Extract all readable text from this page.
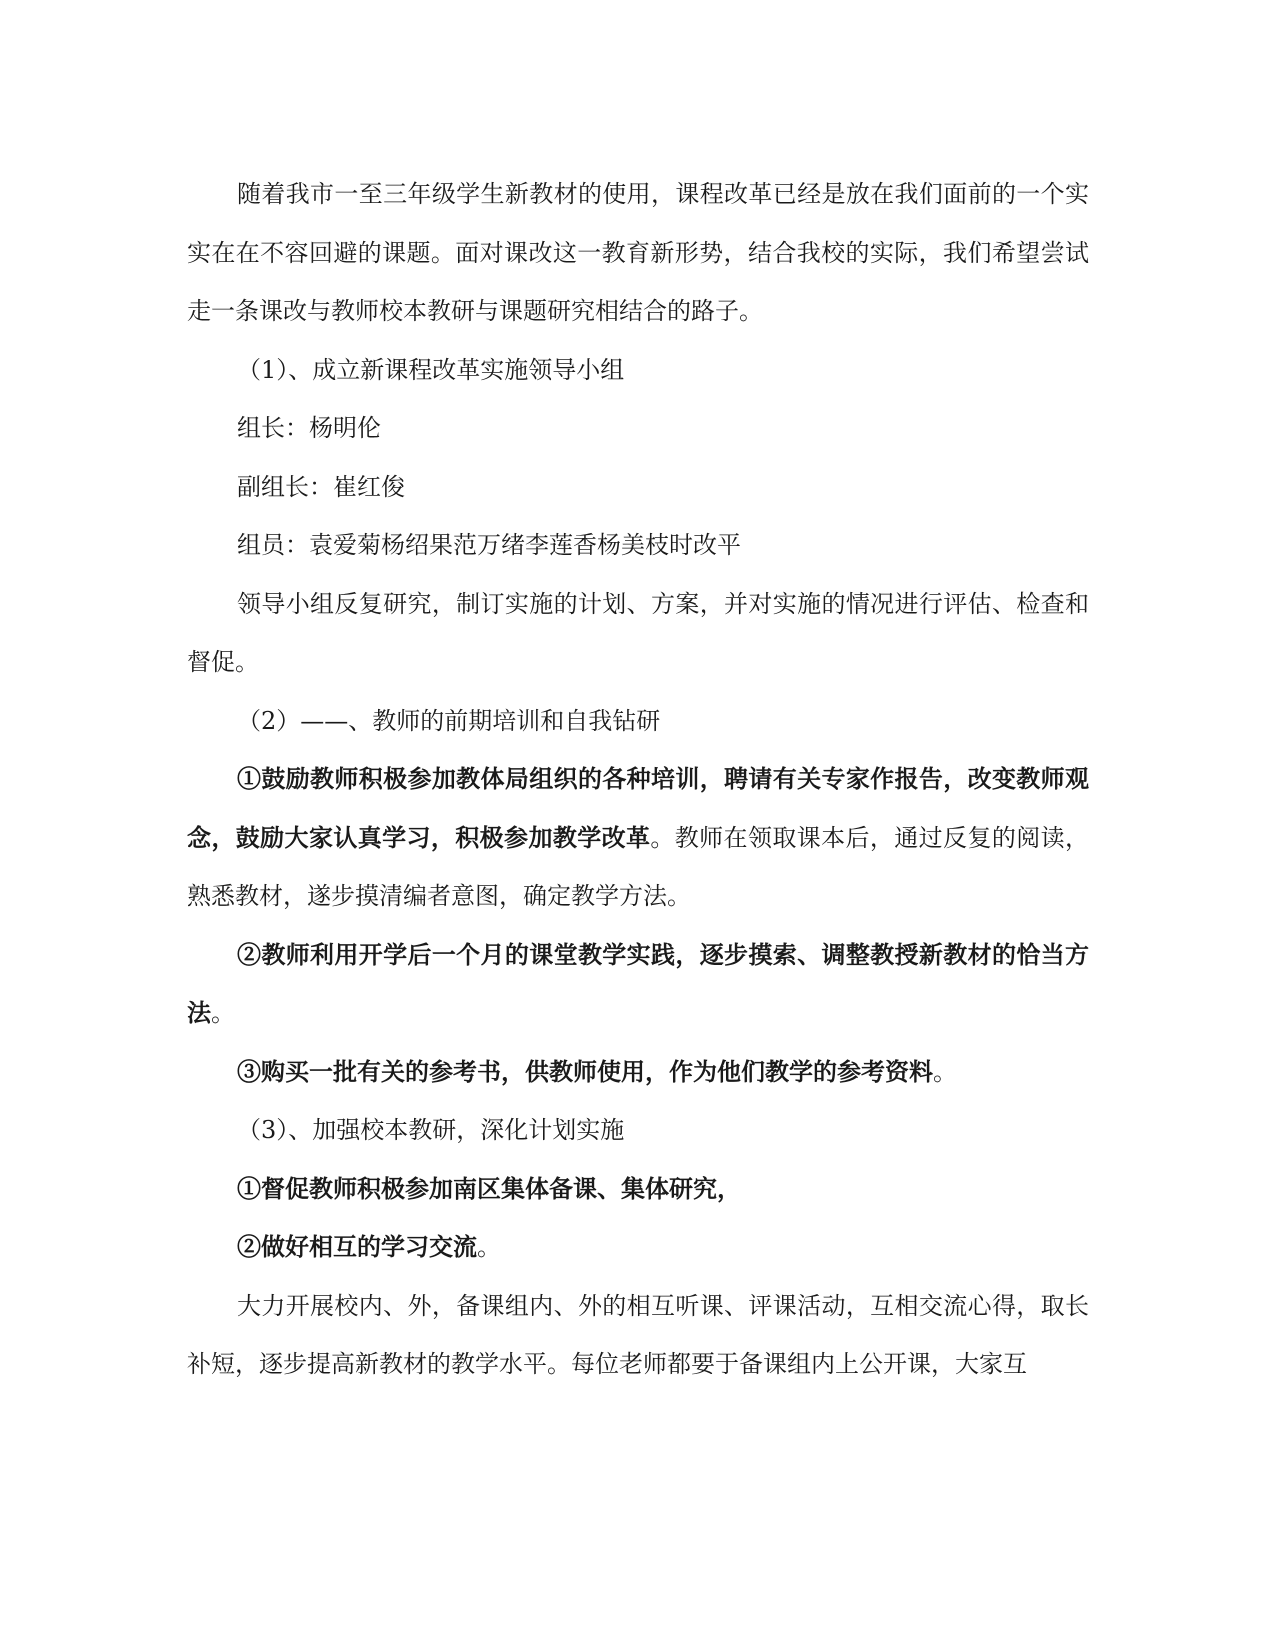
随着我市一至三年级学生新教材的使用，课程改革已经是放在我们面前的一个实实在在不容回避的课题。面对课改这一教育新形势，结合我校的实际，我们希望尝试走一条课改与教师校本教研与课题研究相结合的路子。

（1）、成立新课程改革实施领导小组

组长：杨明伦

副组长：崔红俊

组员：袁爱菊杨绍果范万绪李莲香杨美枝时改平

领导小组反复研究，制订实施的计划、方案，并对实施的情况进行评估、检查和督促。

（2）——、教师的前期培训和自我钻研

①鼓励教师积极参加教体局组织的各种培训，聘请有关专家作报告，改变教师观念，鼓励大家认真学习，积极参加教学改革。教师在领取课本后，通过反复的阅读，熟悉教材，遂步摸清编者意图，确定教学方法。

②教师利用开学后一个月的课堂教学实践，逐步摸索、调整教授新教材的恰当方法。

③购买一批有关的参考书，供教师使用，作为他们教学的参考资料。

（3）、加强校本教研，深化计划实施

①督促教师积极参加南区集体备课、集体研究，

②做好相互的学习交流。

大力开展校内、外，备课组内、外的相互听课、评课活动，互相交流心得，取长补短，逐步提高新教材的教学水平。每位老师都要于备课组内上公开课，大家互
